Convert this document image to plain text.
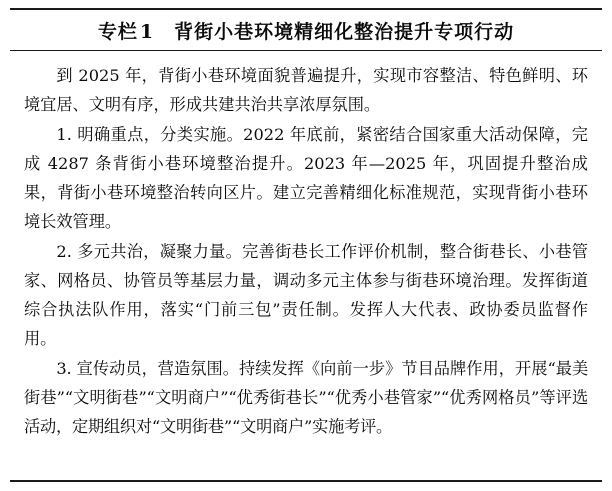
专栏 1 背街小巷环境精细化整治提升专项行动

到 2025 年，背街小巷环境面貌普遍提升，实现市容整洁、特色鲜明、环境宜居、文明有序，形成共建共治共享浓厚氛围。

1. 明确重点，分类实施。2022 年底前，紧密结合国家重大活动保障，完成 4287 条背街小巷环境整治提升。2023 年—2025 年，巩固提升整治成果，背街小巷环境整治转向区片。建立完善精细化标准规范，实现背街小巷环境长效管理。

2. 多元共治，凝聚力量。完善街巷长工作评价机制，整合街巷长、小巷管家、网格员、协管员等基层力量，调动多元主体参与街巷环境治理。发挥街道综合执法队作用，落实“门前三包”责任制。发挥人大代表、政协委员监督作用。

3. 宣传动员，营造氛围。持续发挥《向前一步》节目品牌作用，开展“最美街巷”“文明街巷”“文明商户”“优秀街巷长”“优秀小巷管家”“优秀网格员”等评选活动，定期组织对“文明街巷”“文明商户”实施考评。
